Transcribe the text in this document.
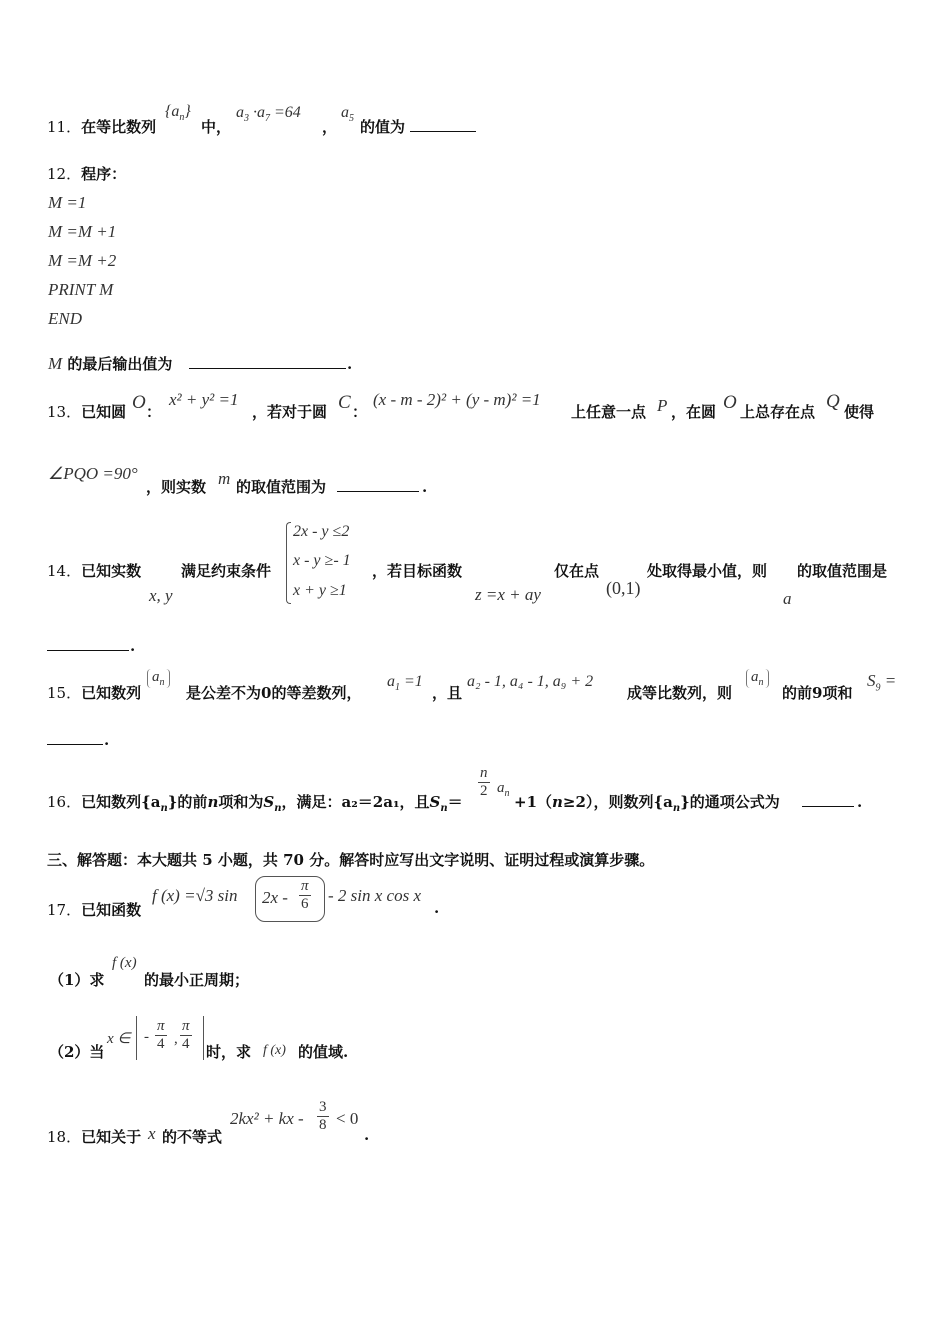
11．在等比数列
$\{a_n\}$
中，
$a_3 \cdot a_7 =64$
，
$a_5$ 的值为
12．程序：
M =1
M =M +1
M =M +2
PRINT M
END
M 的最后输出值为	.
13．已知圆 O ：
x² + y² =1
，若对于圆 C ：
(x - m - 2)² + (y - m)² =1
上任意一点 P ，在圆 O 上总存在点 Q 使得
∠PQO =90°
，则实数 m 的取值范围为	.
14．已知实数
x, y
满足约束条件
2x - y ≤2
x - y ≥- 1
x + y ≥1
，若目标函数
z =x + ay
仅在点
(0,1)
处取得最小值，则
a
的取值范围是
.
15．已知数列
$a_n$
是公差不为0的等差数列，
$a_1 =1$
，且
a₂ - 1, a₄ - 1, a₉ + 2
成等比数列，则
$a_n$
的前9项和
$S_9$ =
.
16．已知数列$\{a_n\}$的前n项和为$S_n$，满足：a₂＝2a₁，且$S_n=$
$\frac{n}{2} a_n +1(n\ge 2)$，则数列$\{a_n\}$的通项公式为	.
三、解答题：本大题共 5 小题，共 70 分。解答时应写出文字说明、证明过程或演算步骤。
17．已知函数
f (x) =√3 $\sin 2x - \frac{\pi}{6} - 2$ sin x cos x
.
（1）求
f (x)
的最小正周期；
（2）当
x ∈ - $\frac{\pi}{4}$ , $\frac{\pi}{4}$ 时，求 f (x) 的值域.
18．已知关于 x 的不等式
2kx² + kx - $\frac{3}{8} < 0$
.
